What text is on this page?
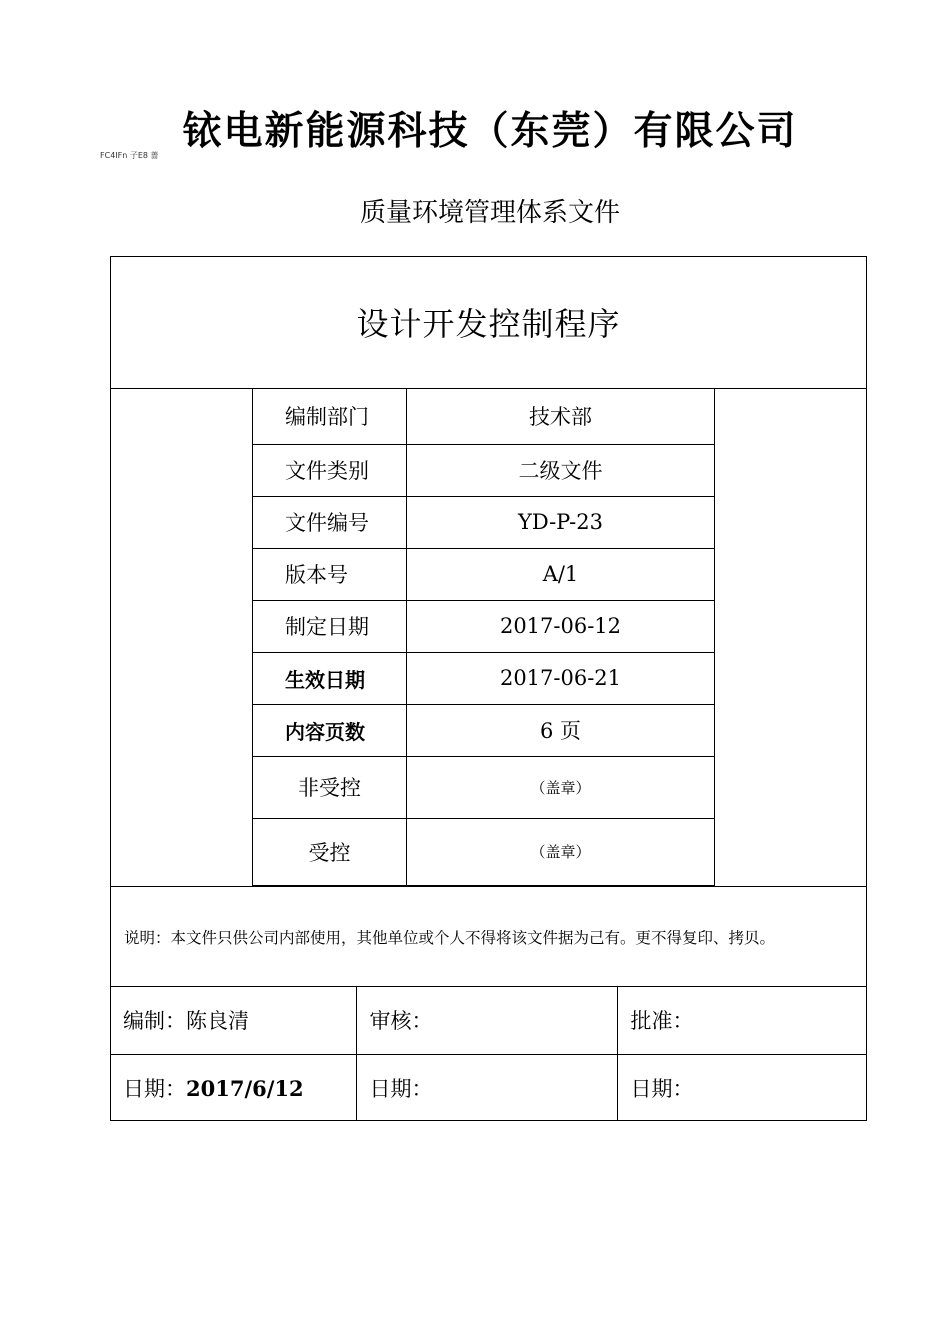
铱电新能源科技（东莞）有限公司
FC4IFn 子E8 蔷
质量环境管理体系文件
设计开发控制程序
编制部门	技术部
文件类别	二级文件
文件编号	YD-P-23
版本号	A/1
制定日期	2017-06-12
生效日期	2017-06-21
内容页数	6 页
非受控	（盖章）
受控	（盖章）
说明：本文件只供公司内部使用，其他单位或个人不得将该文件据为己有。更不得复印、拷贝。
编制：陈良清	审核：	批准：
日期：2017/6/12	日期：	日期：
